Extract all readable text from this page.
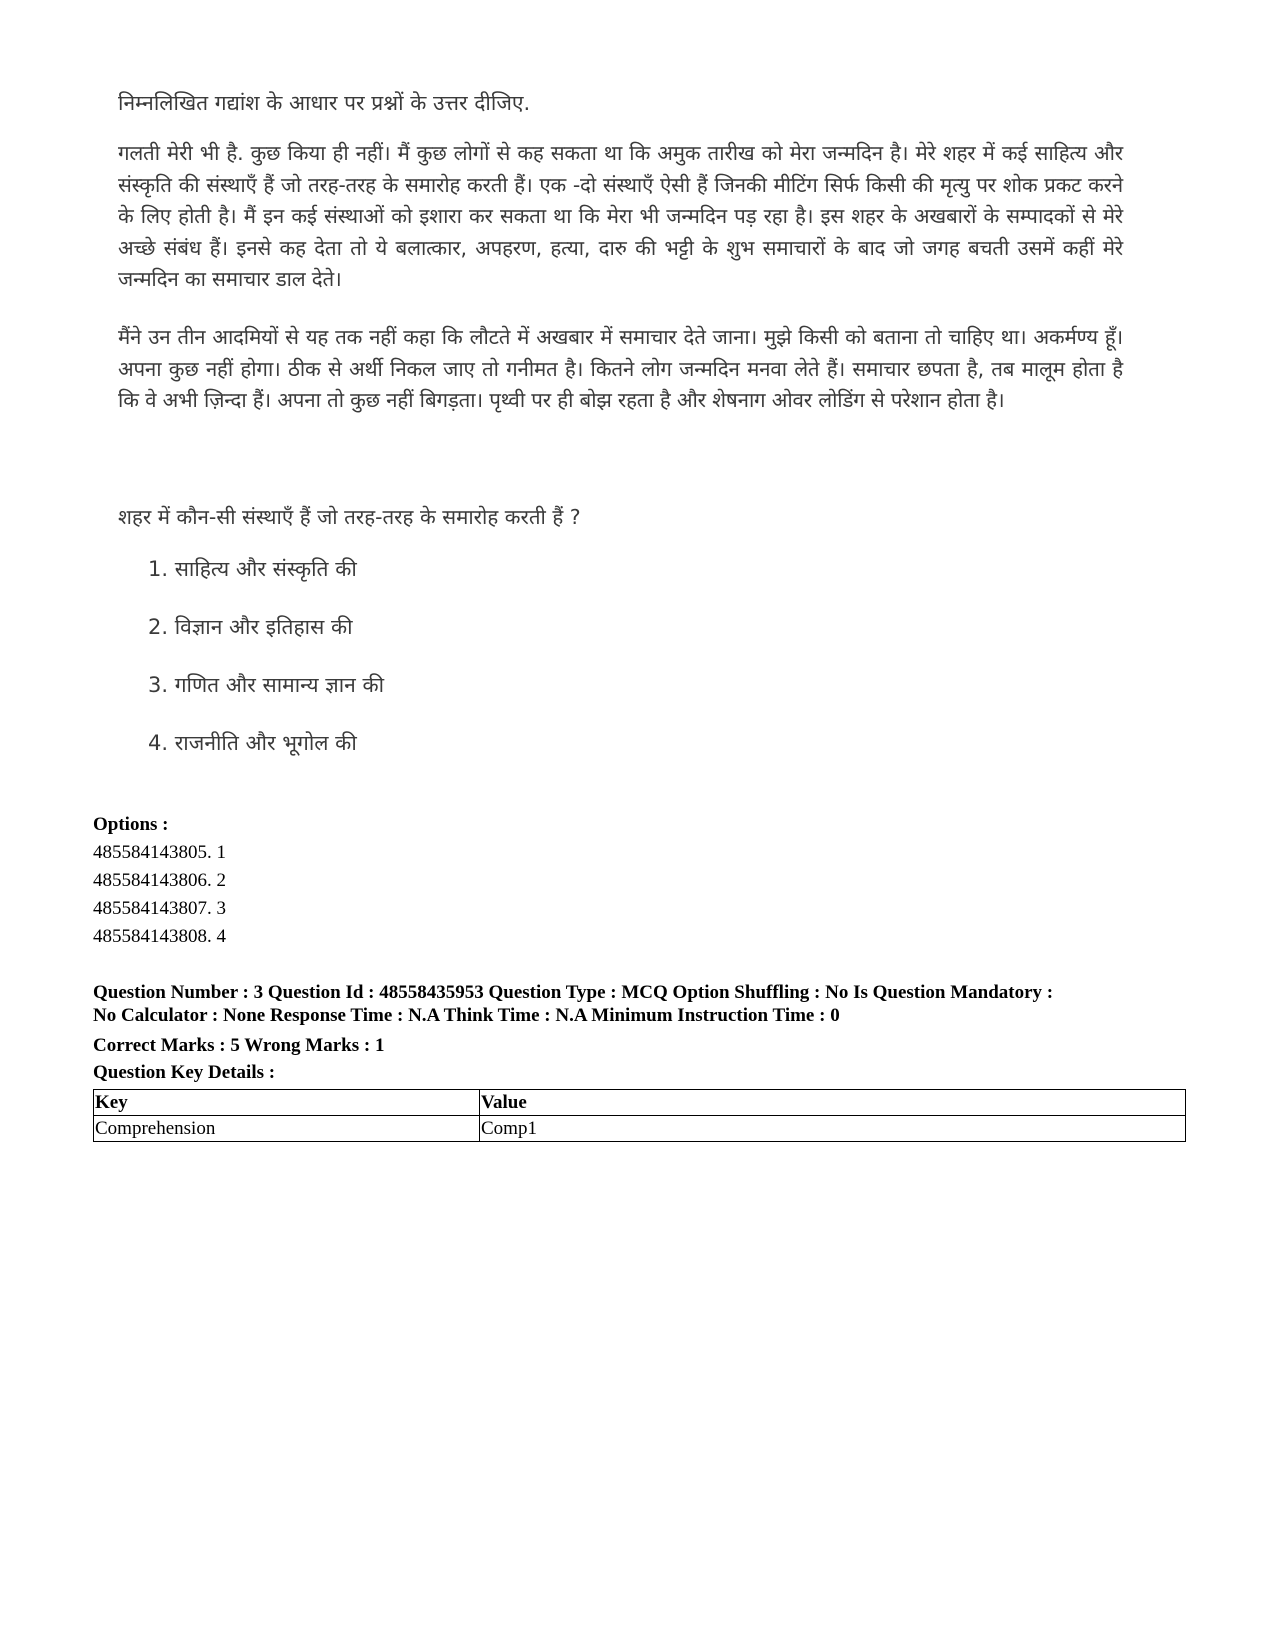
निम्नलिखित गद्यांश के आधार पर प्रश्नों के उत्तर दीजिए.
गलती मेरी भी है. कुछ किया ही नहीं। मैं कुछ लोगों से कह सकता था कि अमुक तारीख को मेरा जन्मदिन है। मेरे शहर में कई साहित्य और संस्कृति की संस्थाएँ हैं जो तरह-तरह के समारोह करती हैं। एक -दो संस्थाएँ ऐसी हैं जिनकी मीटिंग सिर्फ किसी की मृत्यु पर शोक प्रकट करने के लिए होती है। मैं इन कई संस्थाओं को इशारा कर सकता था कि मेरा भी जन्मदिन पड़ रहा है। इस शहर के अखबारों के सम्पादकों से मेरे अच्छे संबंध हैं। इनसे कह देता तो ये बलात्कार, अपहरण, हत्या, दारु की भट्टी के शुभ समाचारों के बाद जो जगह बचती उसमें कहीं मेरे जन्मदिन का समाचार डाल देते।
मैंने उन तीन आदमियों से यह तक नहीं कहा कि लौटते में अखबार में समाचार देते जाना। मुझे किसी को बताना तो चाहिए था। अकर्मण्य हूँ। अपना कुछ नहीं होगा। ठीक से अर्थी निकल जाए तो गनीमत है। कितने लोग जन्मदिन मनवा लेते हैं। समाचार छपता है, तब मालूम होता है कि वे अभी ज़िन्दा हैं। अपना तो कुछ नहीं बिगड़ता। पृथ्वी पर ही बोझ रहता है और शेषनाग ओवर लोडिंग से परेशान होता है।
शहर में कौन-सी संस्थाएँ हैं जो तरह-तरह के समारोह करती हैं ?
1. साहित्य और संस्कृति की
2. विज्ञान और इतिहास की
3. गणित और सामान्य ज्ञान की
4. राजनीति और भूगोल की
Options :
485584143805. 1
485584143806. 2
485584143807. 3
485584143808. 4
Question Number : 3 Question Id : 48558435953 Question Type : MCQ Option Shuffling : No Is Question Mandatory :
No Calculator : None Response Time : N.A Think Time : N.A Minimum Instruction Time : 0
Correct Marks : 5 Wrong Marks : 1
Question Key Details :
Key	Value
Comprehension	Comp1
